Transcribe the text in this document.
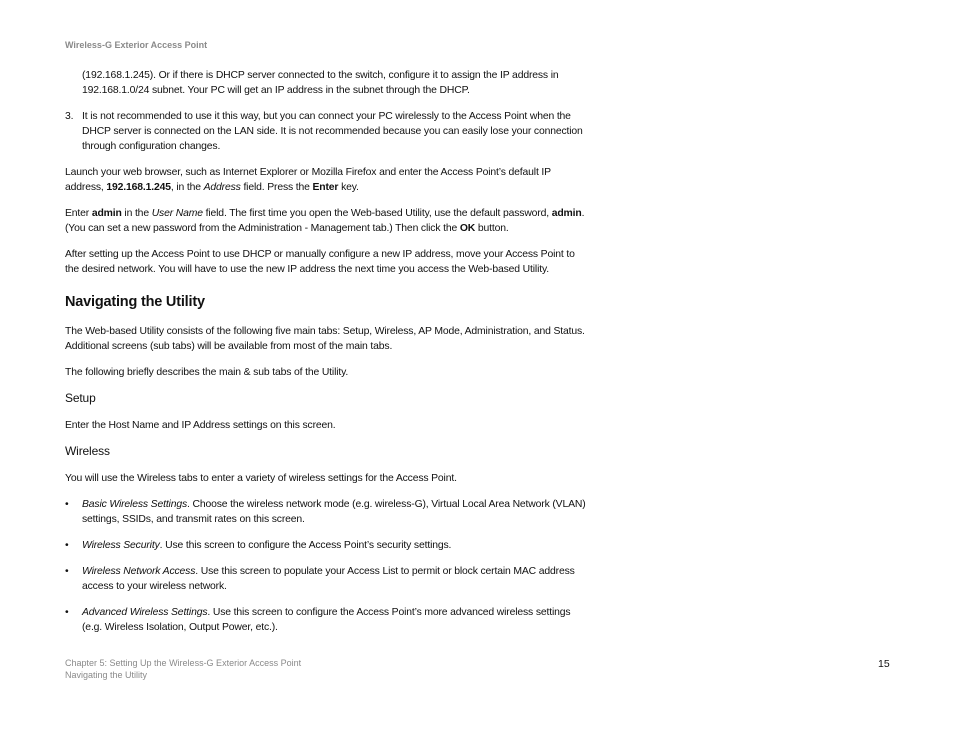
Wireless-G Exterior Access Point

(192.168.1.245). Or if there is DHCP server connected to the switch, configure it to assign the IP address in 192.168.1.0/24 subnet. Your PC will get an IP address in the subnet through the DHCP.

3. It is not recommended to use it this way, but you can connect your PC wirelessly to the Access Point when the DHCP server is connected on the LAN side. It is not recommended because you can easily lose your connection through configuration changes.

Launch your web browser, such as Internet Explorer or Mozilla Firefox and enter the Access Point’s default IP address, 192.168.1.245, in the Address field. Press the Enter key.

Enter admin in the User Name field. The first time you open the Web-based Utility, use the default password, admin. (You can set a new password from the Administration - Management tab.) Then click the OK button.

After setting up the Access Point to use DHCP or manually configure a new IP address, move your Access Point to the desired network. You will have to use the new IP address the next time you access the Web-based Utility.

Navigating the Utility

The Web-based Utility consists of the following five main tabs: Setup, Wireless, AP Mode, Administration, and Status. Additional screens (sub tabs) will be available from most of the main tabs.

The following briefly describes the main & sub tabs of the Utility.

Setup

Enter the Host Name and IP Address settings on this screen.

Wireless

You will use the Wireless tabs to enter a variety of wireless settings for the Access Point.

• Basic Wireless Settings. Choose the wireless network mode (e.g. wireless-G), Virtual Local Area Network (VLAN) settings, SSIDs, and transmit rates on this screen.
• Wireless Security. Use this screen to configure the Access Point’s security settings.
• Wireless Network Access. Use this screen to populate your Access List to permit or block certain MAC address access to your wireless network.
• Advanced Wireless Settings. Use this screen to configure the Access Point’s more advanced wireless settings (e.g. Wireless Isolation, Output Power, etc.).
Chapter 5: Setting Up the Wireless-G Exterior Access Point
Navigating the Utility
15
